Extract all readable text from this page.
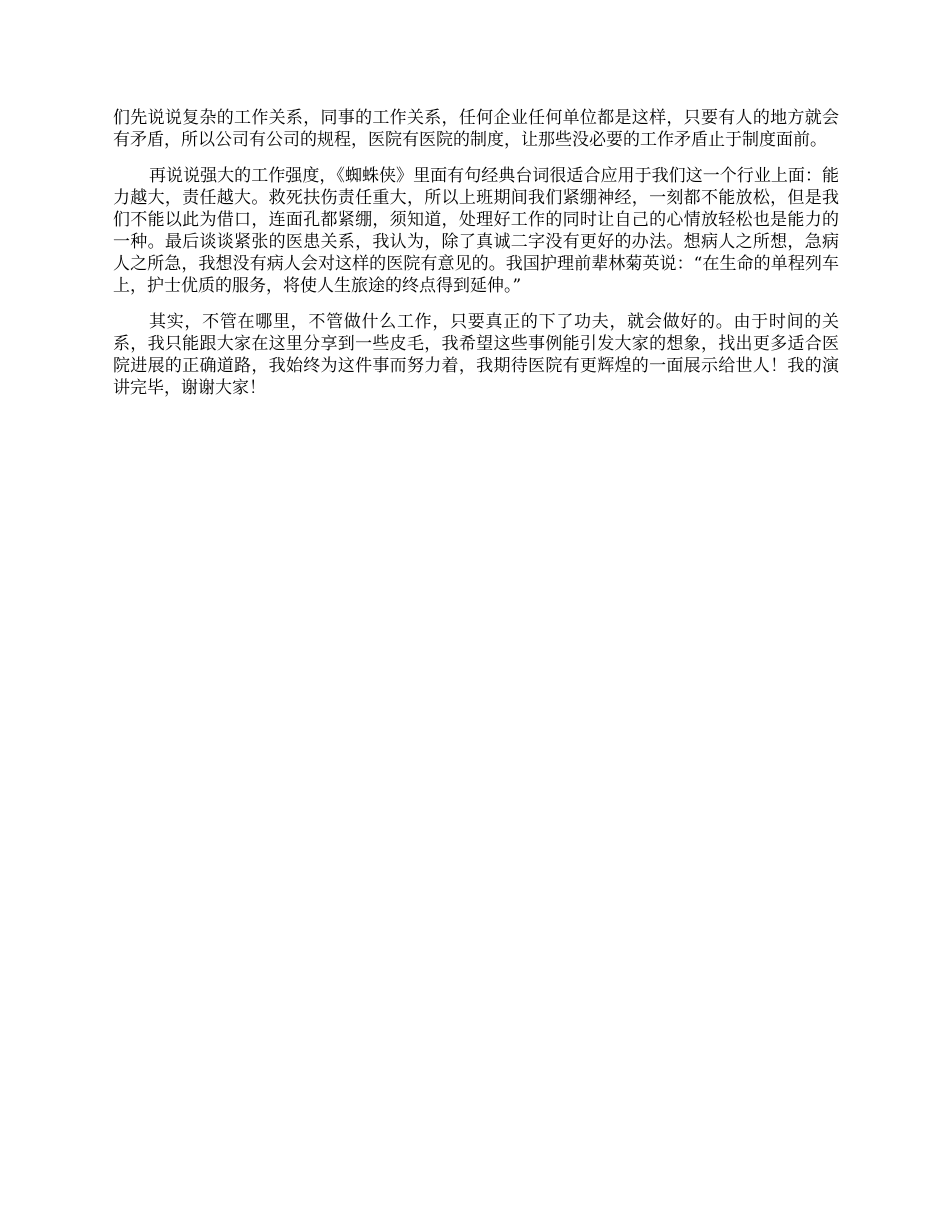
们先说说复杂的工作关系，同事的工作关系，任何企业任何单位都是这样，只要有人的地方就会有矛盾，所以公司有公司的规程，医院有医院的制度，让那些没必要的工作矛盾止于制度面前。

再说说强大的工作强度，《蜘蛛侠》里面有句经典台词很适合应用于我们这一个行业上面：能力越大，责任越大。救死扶伤责任重大，所以上班期间我们紧绷神经，一刻都不能放松，但是我们不能以此为借口，连面孔都紧绷，须知道，处理好工作的同时让自己的心情放轻松也是能力的一种。最后谈谈紧张的医患关系，我认为，除了真诚二字没有更好的办法。想病人之所想，急病人之所急，我想没有病人会对这样的医院有意见的。我国护理前辈林菊英说：“在生命的单程列车上，护士优质的服务，将使人生旅途的终点得到延伸。”

其实，不管在哪里，不管做什么工作，只要真正的下了功夫，就会做好的。由于时间的关系，我只能跟大家在这里分享到一些皮毛，我希望这些事例能引发大家的想象，找出更多适合医院进展的正确道路，我始终为这件事而努力着，我期待医院有更辉煌的一面展示给世人！我的演讲完毕，谢谢大家！
